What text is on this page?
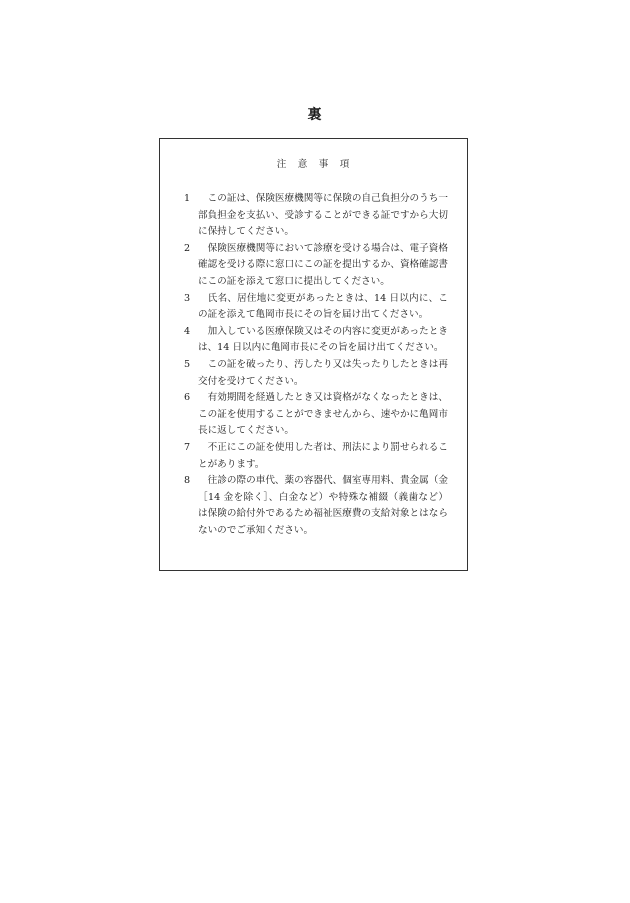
裏
注　意　事　項
1 　この証は、保険医療機関等に保険の自己負担分のうち一部負担金を支払い、受診することができる証ですから大切に保持してください。
2 　保険医療機関等において診療を受ける場合は、電子資格確認を受ける際に窓口にこの証を提出するか、資格確認書にこの証を添えて窓口に提出してください。
3 　氏名、居住地に変更があったときは、14 日以内に、この証を添えて亀岡市長にその旨を届け出てください。
4 　加入している医療保険又はその内容に変更があったときは、14 日以内に亀岡市長にその旨を届け出てください。
5 　この証を破ったり、汚したり又は失ったりしたときは再交付を受けてください。
6 　有効期間を経過したとき又は資格がなくなったときは、この証を使用することができませんから、速やかに亀岡市長に返してください。
7 　不正にこの証を使用した者は、刑法により罰せられることがあります。
8 　往診の際の車代、薬の容器代、個室専用料、貴金属（金［14 金を除く］、白金など）や特殊な補綴（義歯など）は保険の給付外であるため福祉医療費の支給対象とはならないのでご承知ください。
